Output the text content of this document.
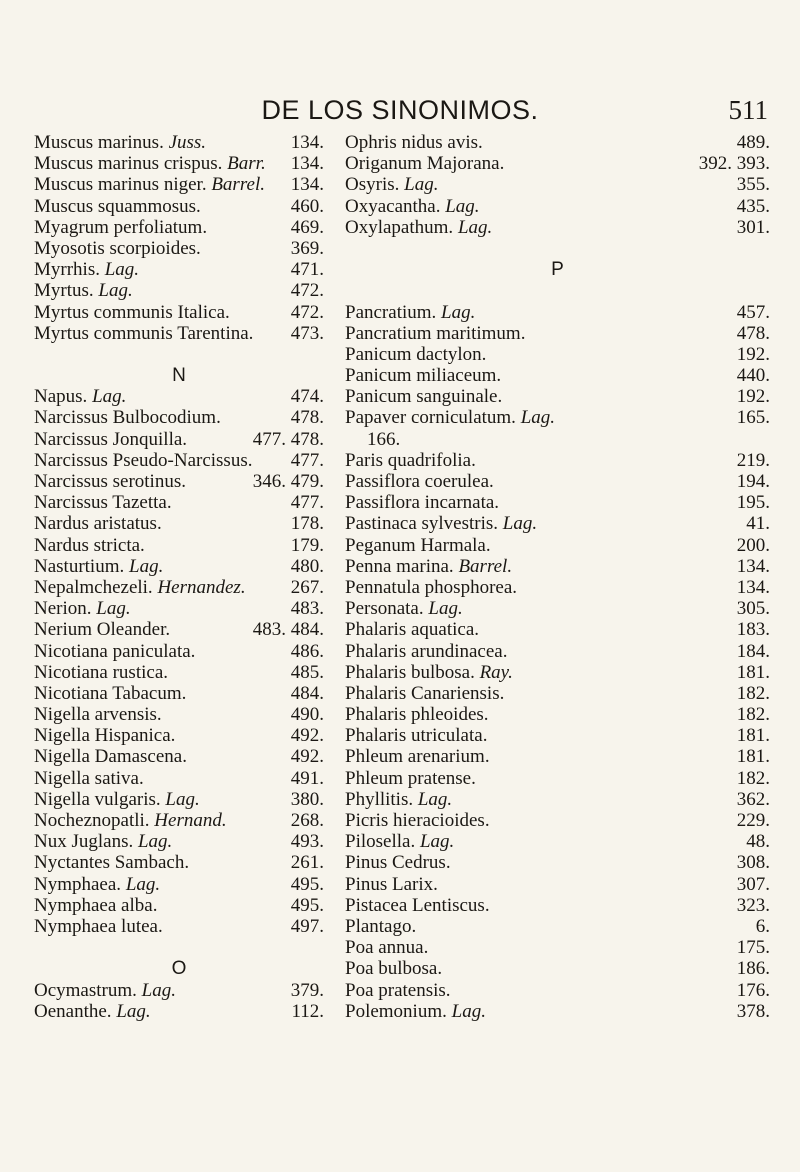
DE LOS SINONIMOS.	511
Muscus marinus. Juss.	134.
Muscus marinus crispus. Barr. 134.
Muscus marinus niger. Barrel. 134.
Muscus squammosus.	460.
Myagrum perfoliatum.	469.
Myosotis scorpioides.	369.
Myrrhis. Lag.	471.
Myrtus. Lag.	472.
Myrtus communis Italica.	472.
Myrtus communis Tarentina. 473.
N
Napus. Lag.	474.
Narcissus Bulbocodium.	478.
Narcissus Jonquilla.	477. 478.
Narcissus Pseudo-Narcissus. 477.
Narcissus serotinus.	346. 479.
Narcissus Tazetta.	477.
Nardus aristatus.	178.
Nardus stricta.	179.
Nasturtium. Lag.	480.
Nepalmchezeli. Hernandez. 267.
Nerion. Lag.	483.
Nerium Oleander.	483. 484.
Nicotiana paniculata.	486.
Nicotiana rustica.	485.
Nicotiana Tabacum.	484.
Nigella arvensis.	490.
Nigella Hispanica.	492.
Nigella Damascena.	492.
Nigella sativa.	491.
Nigella vulgaris. Lag.	380.
Nocheznopatli. Hernand.	268.
Nux Juglans. Lag.	493.
Nyctantes Sambach.	261.
Nymphaea. Lag.	495.
Nymphaea alba.	495.
Nymphaea lutea.	497.
O
Ocymastrum. Lag.	379.
Oenanthe. Lag.	112.
Ophris nidus avis.	489.
Origanum Majorana.	392. 393.
Osyris. Lag.	355.
Oxyacantha. Lag.	435.
Oxylapathum. Lag.	301.
P
Pancratium. Lag.	457.
Pancratium maritimum.	478.
Panicum dactylon.	192.
Panicum miliaceum.	440.
Panicum sanguinale.	192.
Papaver corniculatum. Lag.	165.
166.
Paris quadrifolia.	219.
Passiflora coerulea.	194.
Passiflora incarnata.	195.
Pastinaca sylvestris. Lag.	41.
Peganum Harmala.	200.
Penna marina. Barrel.	134.
Pennatula phosphorea.	134.
Personata. Lag.	305.
Phalaris aquatica.	183.
Phalaris arundinacea.	184.
Phalaris bulbosa. Ray.	181.
Phalaris Canariensis.	182.
Phalaris phleoides.	182.
Phalaris utriculata.	181.
Phleum arenarium.	181.
Phleum pratense.	182.
Phyllitis. Lag.	362.
Picris hieracioides.	229.
Pilosella. Lag.	48.
Pinus Cedrus.	308.
Pinus Larix.	307.
Pistacea Lentiscus.	323.
Plantago.	6.
Poa annua.	175.
Poa bulbosa.	186.
Poa pratensis.	176.
Polemonium. Lag.	378.
